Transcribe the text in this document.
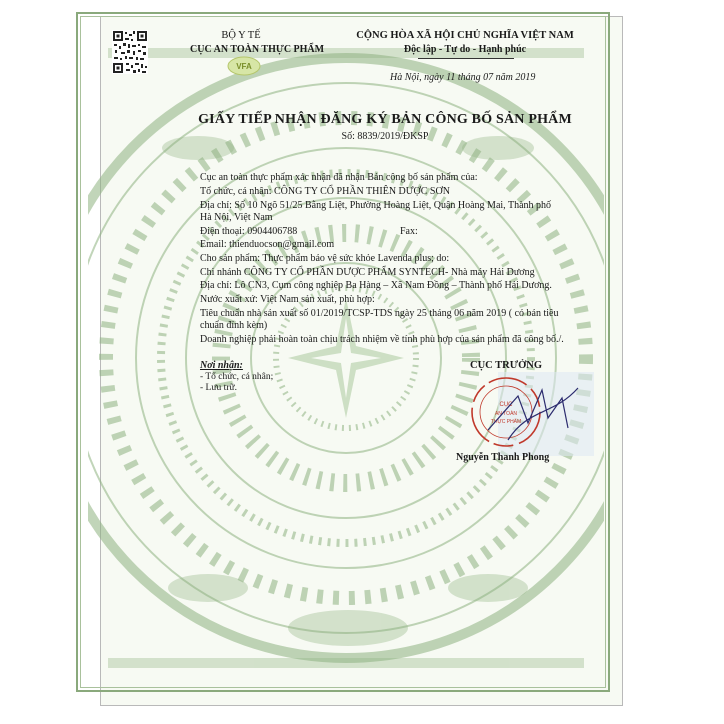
BỘ Y TẾ
CỤC AN TOÀN THỰC PHẨM
VFA
CỘNG HÒA XÃ HỘI CHỦ NGHĨA VIỆT NAM
Độc lập - Tự do - Hạnh phúc
Hà Nội, ngày 11 tháng 07 năm 2019
GIẤY TIẾP NHẬN ĐĂNG KÝ BẢN CÔNG BỐ SẢN PHẨM
Số: 8839/2019/ĐKSP
Cục an toàn thực phẩm xác nhận đã nhận Bản công bố sản phẩm của:
Tổ chức, cá nhân: CÔNG TY CỔ PHẦN THIÊN DƯỢC SƠN
Địa chỉ: Số 10 Ngõ 51/25 Bằng Liệt, Phường Hoàng Liệt, Quận Hoàng Mai, Thành phố
Hà Nội, Việt Nam
Điện thoại: 0904406788	Fax:
Email: thienduocson@gmail.com
Cho sản phẩm: Thực phẩm bảo vệ sức khỏe Lavenda plus; do:
Chi nhánh CÔNG TY CỔ PHẦN DƯỢC PHẨM SYNTECH- Nhà máy Hải Dương
Địa chỉ: Lô CN3, Cụm công nghiệp Ba Hàng – Xã Nam Đồng – Thành phố Hải Dương.
Nước xuất xứ: Việt Nam sản xuất, phù hợp:
Tiêu chuẩn nhà sản xuất số 01/2019/TCSP-TDS ngày 25 tháng 06 năm 2019 ( có bản tiêu
chuẩn đính kèm)
Doanh nghiệp phải hoàn toàn chịu trách nhiệm về tính phù hợp của sản phẩm đã công bố./.
Nơi nhận:
- Tổ chức, cá nhân;
- Lưu trữ.
CỤC TRƯỞNG
CỤC
AN TOÀN
THỰC PHẨM
Nguyễn Thanh Phong
